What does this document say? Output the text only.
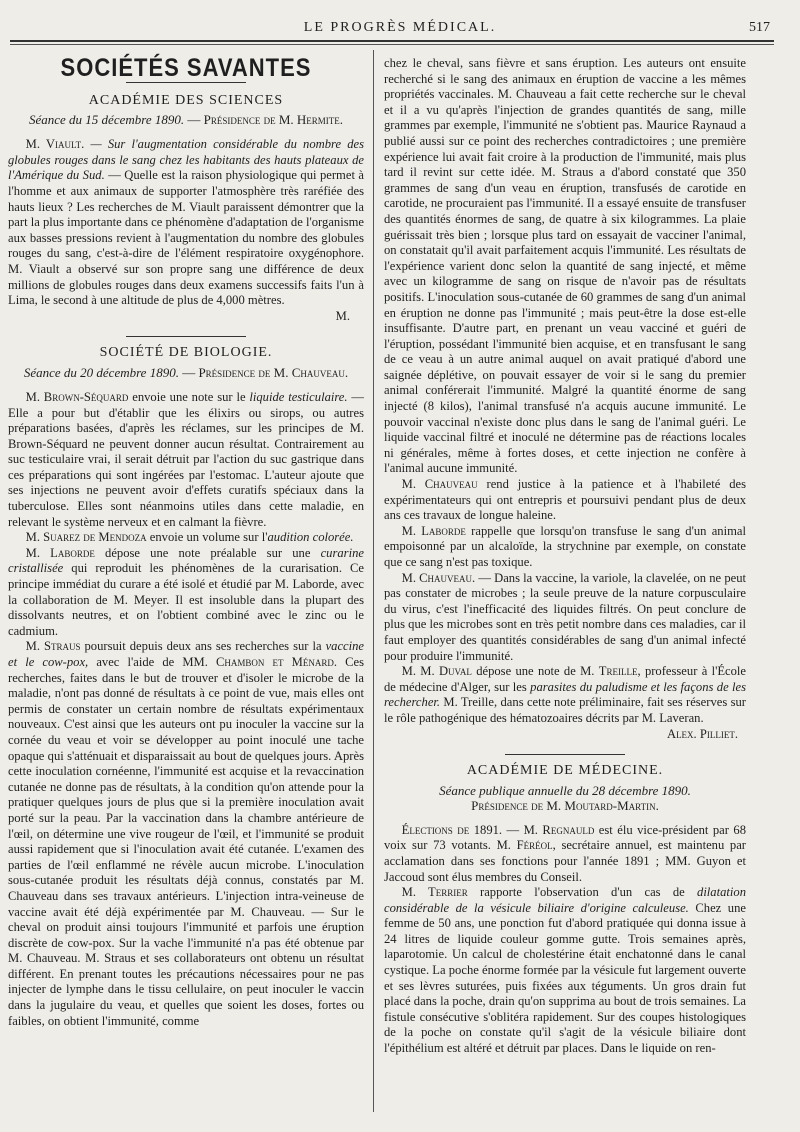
LE PROGRÈS MÉDICAL.	517
SOCIÉTÉS SAVANTES
ACADÉMIE DES SCIENCES
Séance du 15 décembre 1890. — Présidence de M. Hermite.

M. Viault. — Sur l'augmentation considérable du nombre des globules rouges dans le sang chez les habitants des hauts plateaux de l'Amérique du Sud. — Quelle est la raison physiologique qui permet à l'homme et aux animaux de supporter l'atmosphère très raréfiée des hauts lieux ? Les recherches de M. Viault paraissent démontrer que la part la plus importante dans ce phénomène d'adaptation de l'organisme aux basses pressions revient à l'augmentation du nombre des globules rouges du sang, c'est-à-dire de l'élément respiratoire oxygénophore. M. Viault a observé sur son propre sang une différence de deux millions de globules rouges dans deux examens successifs faits l'un à Lima, le second à une altitude de plus de 4,000 mètres.

M.
SOCIÉTÉ DE BIOLOGIE.
Séance du 20 décembre 1890. — Présidence de M. Chauveau.

M. Brown-Séquard envoie une note sur le liquide testiculaire. — Elle a pour but d'établir que les élixirs ou sirops, ou autres préparations basées, d'après les réclames, sur les principes de M. Brown-Séquard ne peuvent donner aucun résultat. Contrairement au suc testiculaire vrai, il serait détruit par l'action du suc gastrique dans ces préparations qui sont ingérées par l'estomac. L'auteur ajoute que ses injections ne peuvent avoir d'effets curatifs spéciaux dans la tuberculose. Elles sont néanmoins utiles dans cette maladie, en relevant le système nerveux et en calmant la fièvre.

M. Suarez de Mendoza envoie un volume sur l'audition colorée.

M. Laborde dépose une note préalable sur une curarine cristallisée qui reproduit les phénomènes de la curarisation. Ce principe immédiat du curare a été isolé et étudié par M. Laborde, avec la collaboration de M. Meyer. Il est insoluble dans la plupart des dissolvants neutres, et on l'obtient combiné avec le zinc ou le cadmium.

M. Straus poursuit depuis deux ans ses recherches sur la vaccine et le cow-pox, avec l'aide de MM. Chambon et Ménard. Ces recherches, faites dans le but de trouver et d'isoler le microbe de la maladie, n'ont pas donné de résultats à ce point de vue, mais elles ont permis de constater un certain nombre de résultats expérimentaux nouveaux. C'est ainsi que les auteurs ont pu inoculer la vaccine sur la cornée du veau et voir se développer au point inoculé une tache opaque qui s'atténuait et disparaissait au bout de quelques jours. Après cette inoculation cornéenne, l'immunité est acquise et la revaccination cutanée ne donne pas de résultats, à la condition qu'on attende pour la pratiquer quelques jours de plus que si la première inoculation avait porté sur la peau. Par la vaccination dans la chambre antérieure de l'œil, on détermine une vive rougeur de l'œil, et l'immunité se produit aussi rapidement que si l'inoculation avait été cutanée. L'examen des parties de l'œil enflammé ne révèle aucun microbe. L'inoculation sous-cutanée produit les résultats déjà connus, constatés par M. Chauveau dans ses travaux antérieurs. L'injection intra-veineuse de vaccine avait été déjà expérimentée par M. Chauveau. — Sur le cheval on produit ainsi toujours l'immunité et parfois une éruption discrète de cow-pox. Sur la vache l'immunité n'a pas été obtenue par M. Chauveau. M. Straus et ses collaborateurs ont obtenu un résultat différent. En prenant toutes les précautions nécessaires pour ne pas injecter de lymphe dans le tissu cellulaire, on peut inoculer le vaccin dans la jugulaire du veau, et quelles que soient les doses, fortes ou faibles, on obtient l'immunité, comme

chez le cheval, sans fièvre et sans éruption. Les auteurs ont ensuite recherché si le sang des animaux en éruption de vaccine a les mêmes propriétés vaccinales. M. Chauveau a fait cette recherche sur le cheval et il a vu qu'après l'injection de grandes quantités de sang, mille grammes par exemple, l'immunité ne s'obtient pas. Maurice Raynaud a publié aussi sur ce point des recherches contradictoires ; une première expérience lui avait fait croire à la production de l'immunité, mais plus tard il revint sur cette idée. M. Straus a d'abord constaté que 350 grammes de sang d'un veau en éruption, transfusés de carotide en carotide, ne procuraient pas l'immunité. Il a essayé ensuite de transfuser des quantités énormes de sang, de quatre à six kilogrammes. La plaie guérissait très bien ; lorsque plus tard on essayait de vacciner l'animal, on constatait qu'il avait parfaitement acquis l'immunité. Les résultats de l'expérience varient donc selon la quantité de sang injecté, et même avec un kilogramme de sang on risque de n'avoir pas de résultats positifs. L'inoculation sous-cutanée de 60 grammes de sang d'un animal en éruption ne donne pas l'immunité ; mais peut-être la dose est-elle insuffisante. D'autre part, en prenant un veau vacciné et guéri de l'éruption, possédant l'immunité bien acquise, et en transfusant le sang de ce veau à un autre animal auquel on avait pratiqué d'abord une saignée déplétive, on pouvait essayer de voir si le sang du premier animal conférerait l'immunité. Malgré la quantité énorme de sang injecté (8 kilos), l'animal transfusé n'a acquis aucune immunité. Le pouvoir vaccinal n'existe donc plus dans le sang de l'animal guéri. Le liquide vaccinal filtré et inoculé ne détermine pas de réactions locales ni générales, même à fortes doses, et cette injection ne confère à l'animal aucune immunité.

M. Chauveau rend justice à la patience et à l'habileté des expérimentateurs qui ont entrepris et poursuivi pendant plus de deux ans ces travaux de longue haleine.

M. Laborde rappelle que lorsqu'on transfuse le sang d'un animal empoisonné par un alcaloïde, la strychnine par exemple, on constate que ce sang n'est pas toxique.

M. Chauveau. — Dans la vaccine, la variole, la clavelée, on ne peut pas constater de microbes ; la seule preuve de la nature corpusculaire du virus, c'est l'inefficacité des liquides filtrés. On peut conclure de plus que les microbes sont en très petit nombre dans ces maladies, car il faut employer des quantités considérables de sang d'un animal infecté pour produire l'immunité.

M. M. Duval dépose une note de M. Treille, professeur à l'École de médecine d'Alger, sur les parasites du paludisme et les façons de les rechercher. M. Treille, dans cette note préliminaire, fait ses réserves sur le rôle pathogénique des hématozoaires décrits par M. Laveran.

Alex. Pilliet.
ACADÉMIE DE MÉDECINE.
Séance publique annuelle du 28 décembre 1890.
Présidence de M. Moutard-Martin.

Élections de 1891. — M. Regnauld est élu vice-président par 68 voix sur 73 votants. M. Féréol, secrétaire annuel, est maintenu par acclamation dans ses fonctions pour l'année 1891 ; MM. Guyon et Jaccoud sont élus membres du Conseil.

M. Terrier rapporte l'observation d'un cas de dilatation considérable de la vésicule biliaire d'origine calculeuse. Chez une femme de 50 ans, une ponction fut d'abord pratiquée qui donna issue à 24 litres de liquide couleur gomme gutte. Trois semaines après, laparotomie. Un calcul de cholestérine était enchatonné dans le canal cystique. La poche énorme formée par la vésicule fut largement ouverte et ses lèvres suturées, puis fixées aux téguments. Un gros drain fut placé dans la poche, drain qu'on supprima au bout de trois semaines. La fistule consécutive s'oblitéra rapidement. Sur des coupes histologiques de la poche on constate qu'il s'agit de la vésicule biliaire dont l'épithélium est altéré et détruit par places. Dans le liquide on ren-
